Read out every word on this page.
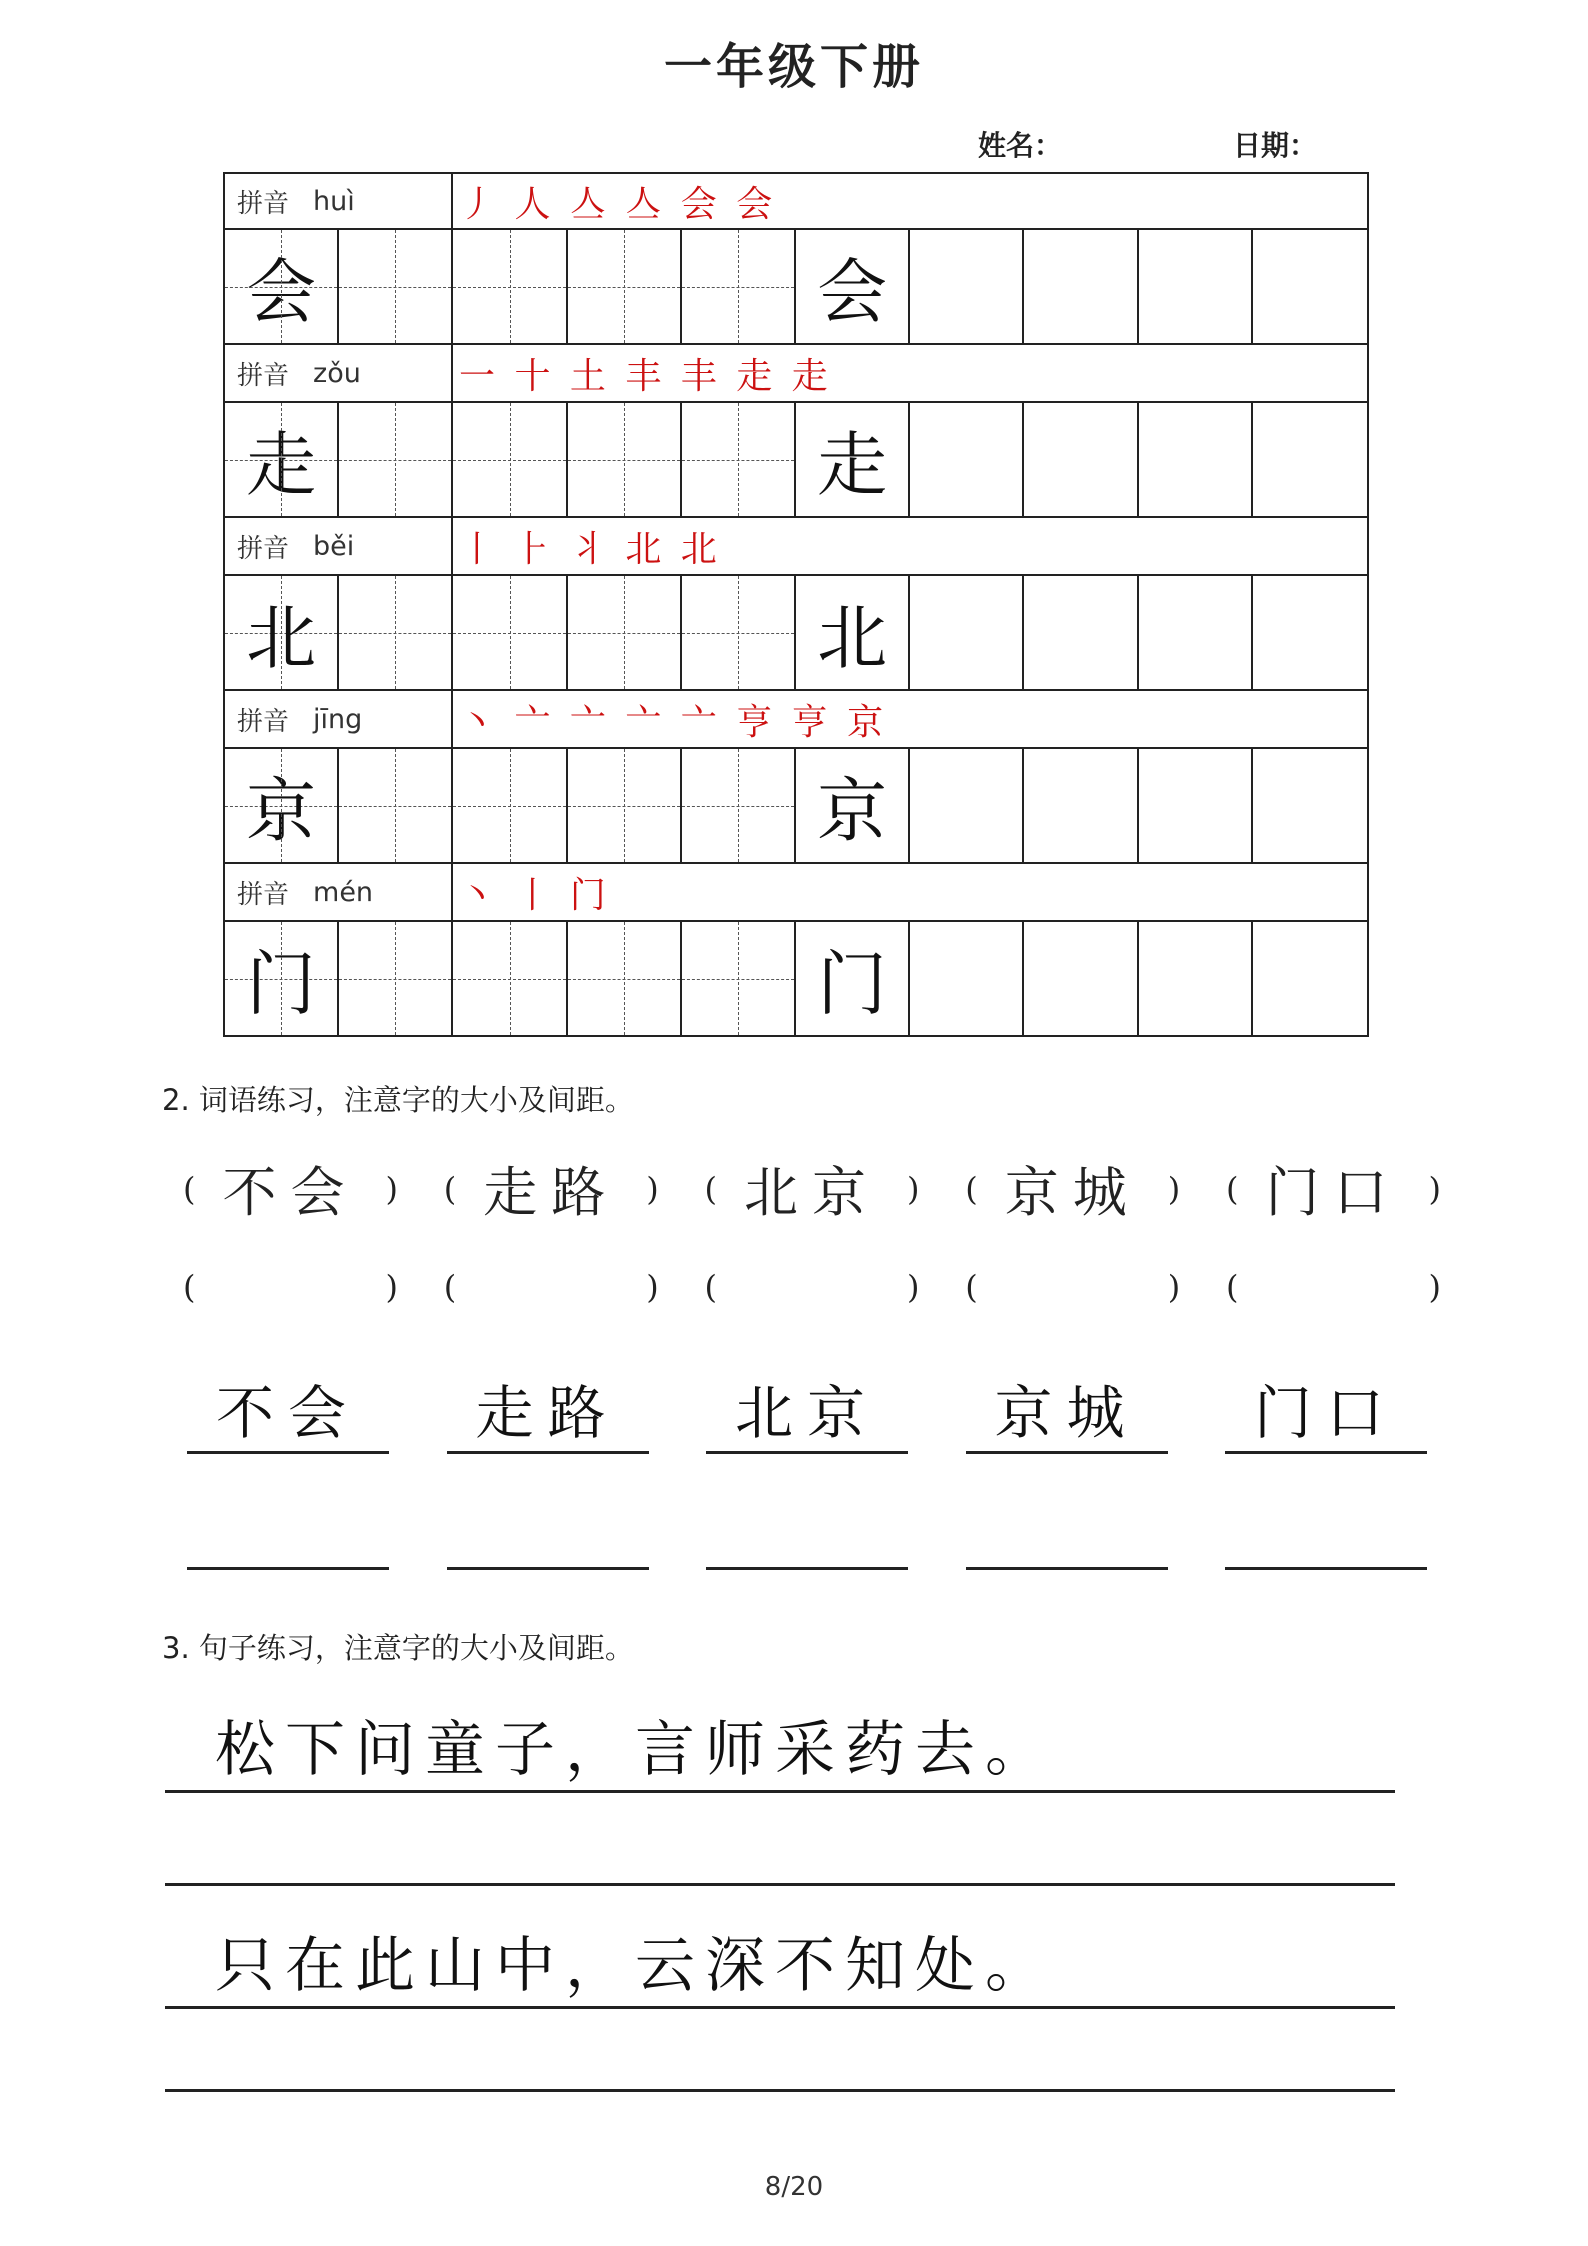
一年级下册
姓名：	日期：
拼音 huì	丿 人 亼 亼 会 会
会	会
拼音 zǒu	一 十 土 丰 丰 走 走
走	走
拼音 běi	丨 ⺊ 丬 北 北
北	北
拼音 jīng	丶 亠 亠 亠 亠 亨 亨 京
京	京
拼音 mén 丶 丨 门
门	门
2. 词语练习，注意字的大小及间距。
( 不会 ) ( 走路 ) ( 北京 ) ( 京城 ) ( 门口 )
(	) (	) (	) (	) (	)
不会	走路	北京	京城	门口
3. 句子练习，注意字的大小及间距。
松下问童子，言师采药去。
只在此山中，云深不知处。
8/20
